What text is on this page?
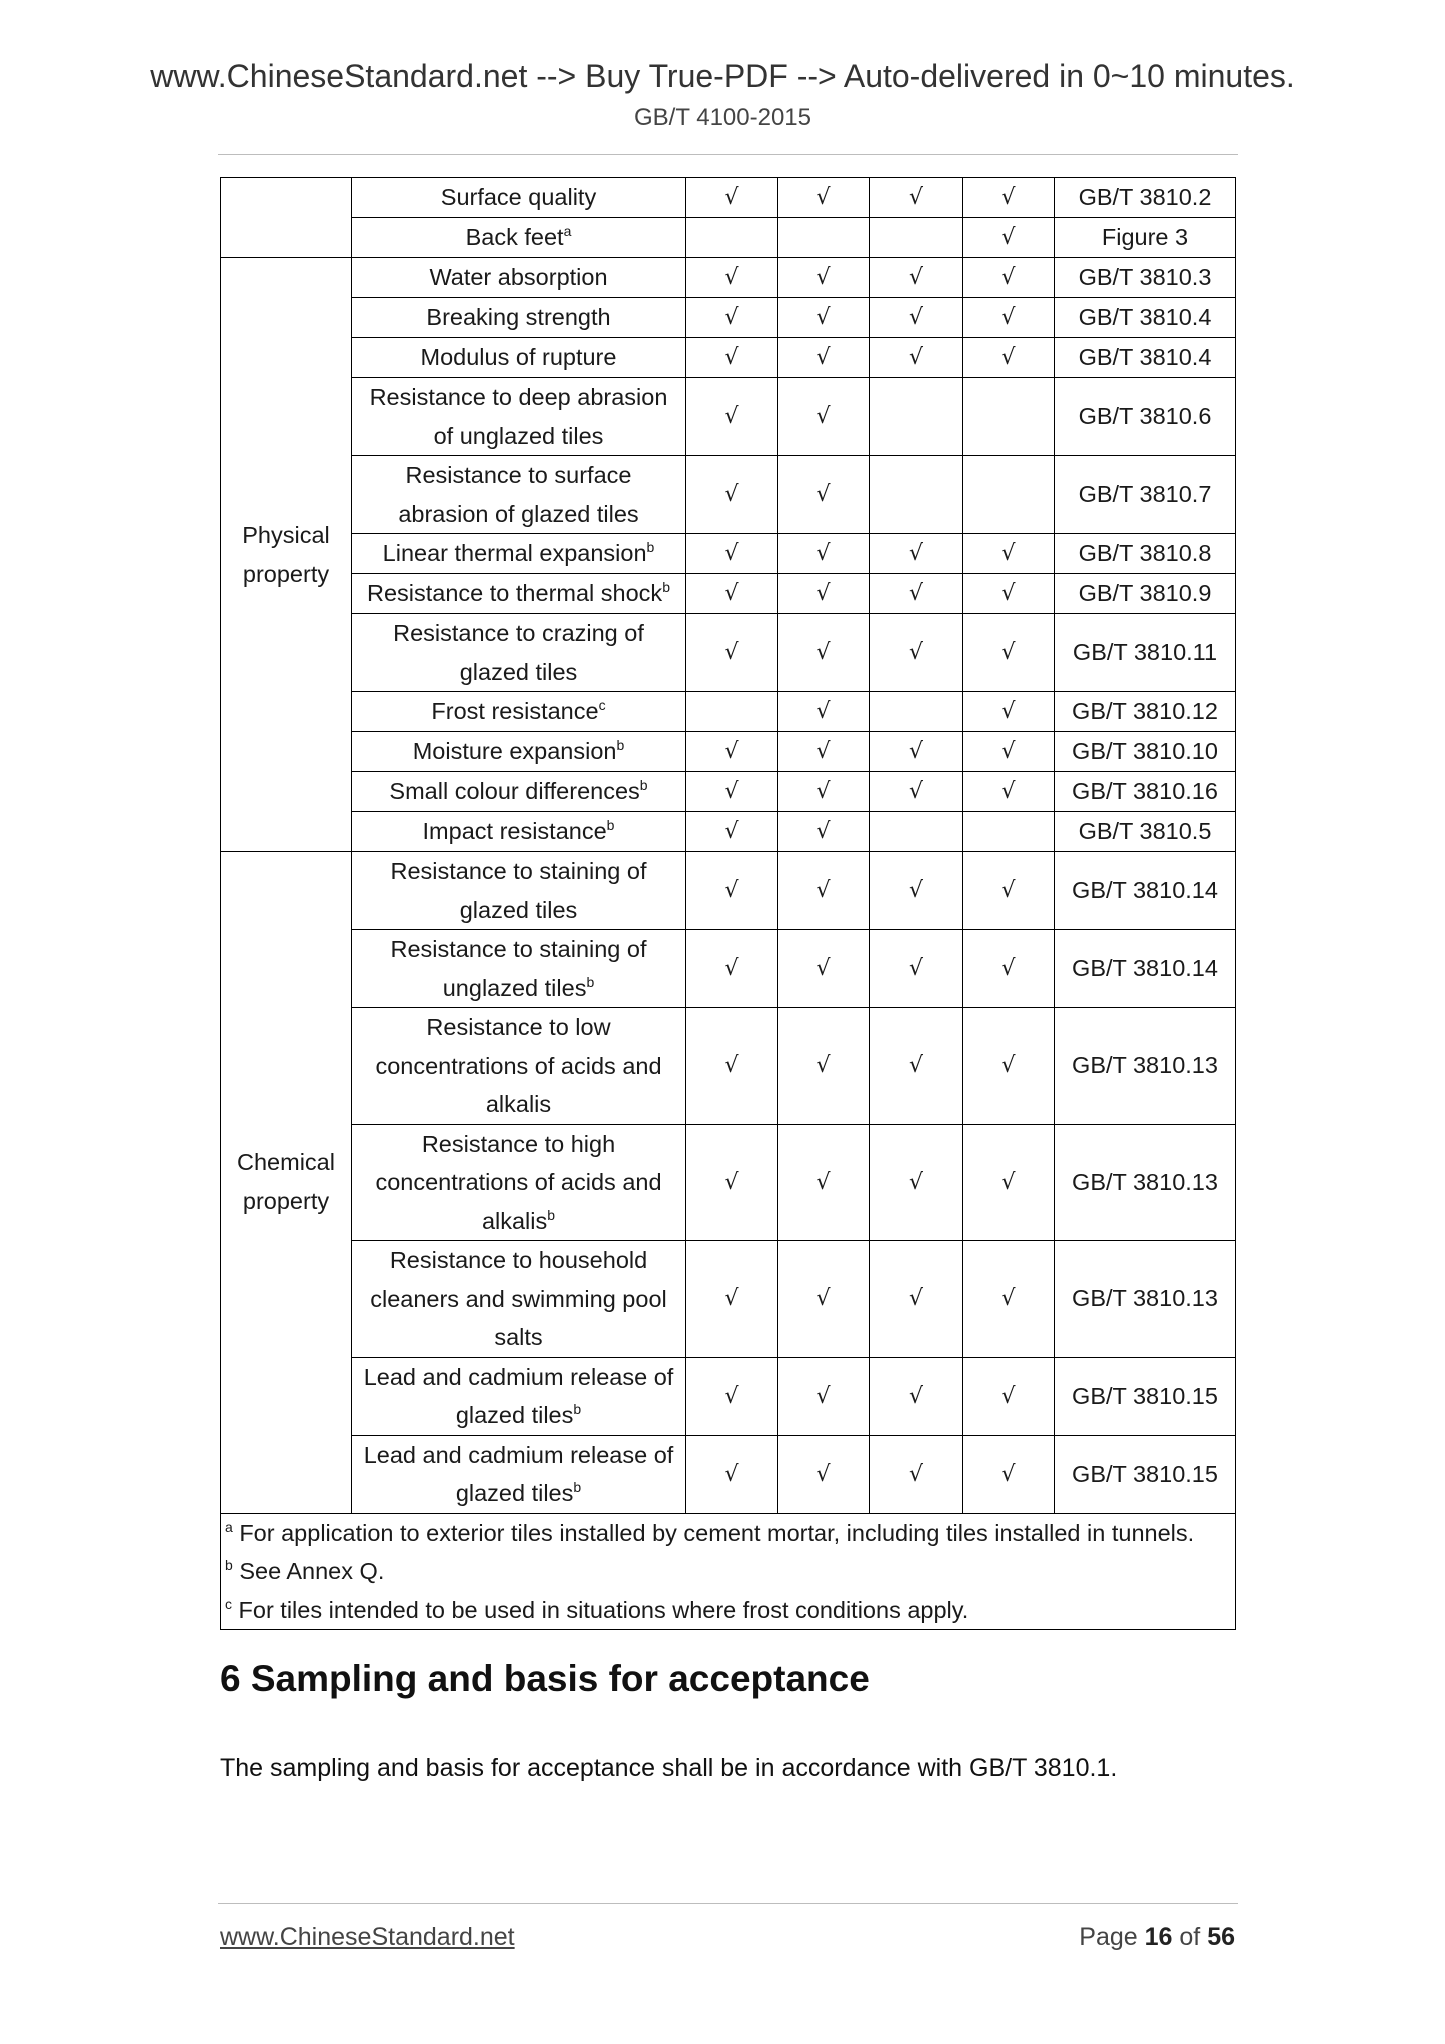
www.ChineseStandard.net --> Buy True-PDF --> Auto-delivered in 0~10 minutes.
GB/T 4100-2015
	Surface quality	√	√	√	√	GB/T 3810.2
	Back feet$^a$				√	Figure 3
Physical
property	Water absorption	√	√	√	√	GB/T 3810.3
	Breaking strength	√	√	√	√	GB/T 3810.4
	Modulus of rupture	√	√	√	√	GB/T 3810.4
	Resistance to deep abrasion
of unglazed tiles	√	√			GB/T 3810.6
	Resistance to surface
abrasion of glazed tiles	√	√			GB/T 3810.7
	Linear thermal expansion$^b$	√	√	√	√	GB/T 3810.8
	Resistance to thermal shock$^b$	√	√	√	√	GB/T 3810.9
	Resistance to crazing of
glazed tiles	√	√	√	√	GB/T 3810.11
	Frost resistance$^c$		√		√	GB/T 3810.12
	Moisture expansion$^b$	√	√	√	√	GB/T 3810.10
	Small colour differences$^b$	√	√	√	√	GB/T 3810.16
	Impact resistance$^b$	√	√			GB/T 3810.5
Chemical
property	Resistance to staining of
glazed tiles	√	√	√	√	GB/T 3810.14
	Resistance to staining of
unglazed tiles$^b$	√	√	√	√	GB/T 3810.14
	Resistance to low
concentrations of acids and
alkalis	√	√	√	√	GB/T 3810.13
	Resistance to high
concentrations of acids and
alkalis$^b$	√	√	√	√	GB/T 3810.13
	Resistance to household
cleaners and swimming pool
salts	√	√	√	√	GB/T 3810.13
	Lead and cadmium release of
glazed tiles$^b$	√	√	√	√	GB/T 3810.15
	Lead and cadmium release of
glazed tiles$^b$	√	√	√	√	GB/T 3810.15

$^a$ For application to exterior tiles installed by cement mortar, including tiles installed in tunnels.
$^b$ See Annex Q.
$^c$ For tiles intended to be used in situations where frost conditions apply.						
6 Sampling and basis for acceptance

The sampling and basis for acceptance shall be in accordance with GB/T 3810.1.

www.ChineseStandard.net	Page 16 of 56
